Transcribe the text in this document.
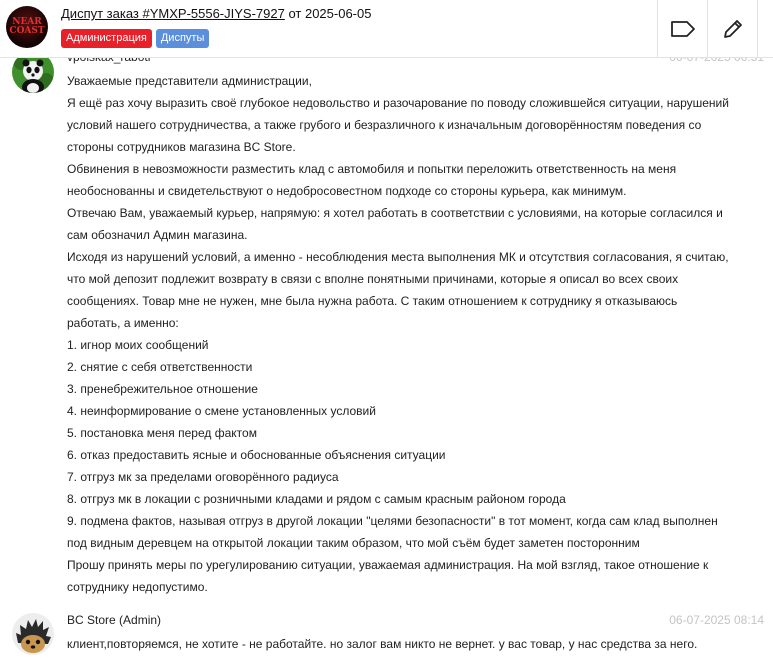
Уважаемые представители администрации,
Я ещё раз хочу выразить своё глубокое недовольство и разочарование по поводу сложившейся ситуации, нарушений
условий нашего сотрудничества, а также грубого и безразличного к изначальным договорённостям поведения со
стороны сотрудников магазина BC Store.
Обвинения в невозможности разместить клад с автомобиля и попытки переложить ответственность на меня
необоснованны и свидетельствуют о недобросовестном подходе со стороны курьера, как минимум.
Отвечаю Вам, уважаемый курьер, напрямую: я хотел работать в соответствии с условиями, на которые согласился и
сам обозначил Админ магазина.
Исходя из нарушений условий, а именно - несоблюдения места выполнения МК и отсутствия согласования, я считаю,
что мой депозит подлежит возврату в связи с вполне понятными причинами, которые я описал во всех своих
сообщениях. Товар мне не нужен, мне была нужна работа. С таким отношением к сотруднику я отказываюсь
работать, а именно:
1. игнор моих сообщений
2. снятие с себя ответственности
3. пренебрежительное отношение
4. неинформирование о смене установленных условий
5. постановка меня перед фактом
6. отказ предоставить ясные и обоснованные объяснения ситуации
7. отгруз мк за пределами оговорённого радиуса
8. отгруз мк в локации с розничными кладами и рядом с самым красным районом города
9. подмена фактов, называя отгруз в другой локации "целями безопасности" в тот момент, когда сам клад выполнен
под видным деревцем на открытой локации таким образом, что мой съём будет заметен посторонним
Прошу принять меры по урегулированию ситуации, уважаемая администрация. На мой взгляд, такое отношение к
сотруднику недопустимо.
BC Store (Admin)	06-07-2025 08:14
клиент,повторяемся, не хотите - не работайте. но залог вам никто не вернет. у вас товар, у нас средства за него.
NEAR
COAST
Диспут заказ #YMXP-5556-JIYS-7927 от 2025-06-05
Администрация Диспуты
